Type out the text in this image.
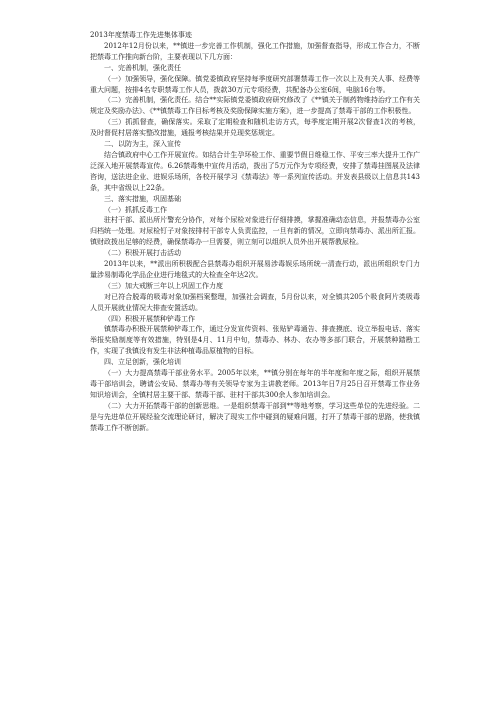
2013年度禁毒工作先进集体事迹

2012年12月份以来，**镇进一步完善工作机制，强化工作措施，加强督查指导，形成工作合力，不断把禁毒工作推向新台阶，主要表现以下几方面：

一、完善机制，强化责任

（一）加强领导，强化保障。镇党委镇政府坚持每季度研究部署禁毒工作一次以上及有关人事、经费等重大问题，按排4名专职禁毒工作人员，拨款30万元专项经费，共配备办公室6间，电脑16台等。

（二）完善机制，强化责任。结合**实际镇党委镇政府研究修改了《**镇关于制药物维持治疗工作有关规定及奖励办法》、《**镇禁毒工作目标考核及奖励保障实施方案》，进一步提高了禁毒干部的工作积极性。

（三）抓抓督查，确保落实。采取了定期检查和随机走访方式，每季度定期开展2次督查1次的考核，及时督促村居落实整改措施，通报考核结果并兑现奖惩规定。

二、以防为主，深入宣传

结合镇政府中心工作开展宣传。如结合计生孕环检工作、重要节假日维稳工作、平安三率大提升工作广泛深入地开展禁毒宣传。6.26禁毒集中宣传月活动，拨出了5万元作为专项经费，安排了禁毒挂图展及法律咨询，送法进企业、进娱乐场所，各校开展学习《禁毒法》等一系列宣传活动。并发表县级以上信息共143条，其中省级以上22条。

三、落实措施，巩固基础

（一）抓抓反毒工作

驻村干部、派出所片警充分协作，对每个尿检对象进行仔细排摸，掌握准确动态信息，并报禁毒办公室归档统一处理。对尿检钉子对象按排村干部专人负责监控，一旦有新的情况，立即向禁毒办、派出所汇报。镇财政拨出足够的经费，确保禁毒办一旦需要，则立刻可以组织人员外出开展帮教尿检。

（二）积极开展打击活动

2013年以来，**派出所积极配合县禁毒办组织开展易涉毒娱乐场所统一清查行动，派出所组织专门力量涉易制毒化学品企业进行地毯式的大检查全年达2次。

（三）加大戒断三年以上巩固工作力度

对已符合脱毒的吸毒对象加强档案整理，加强社会调查，5月份以来，对全镇共205个吸食阿片类吸毒人员开展就业情况大排查安置活动。

（四）积极开展禁种铲毒工作

镇禁毒办积极开展禁种铲毒工作，通过分发宣传资料、张贴铲毒通告、排查摸底、设立举报电话、落实举报奖励制度等有效措施，特别是4月、11月中旬，禁毒办、林办、农办等多部门联合，开展禁种踏勘工作，实现了我镇没有发生非法种植毒品原植物的目标。

四、立足创新，强化培训

（一）大力提高禁毒干部业务水平。2005年以来，**镇分别在每年的半年度和年度之际，组织开展禁毒干部培训会，聘请公安局、禁毒办等有关领导专家为主讲教老师。2013年日7月25日召开禁毒工作业务知识培训会，全镇村居主要干部、禁毒干部、驻村干部共300余人参加培训会。

（二）大力开拓禁毒干部的创新思维。一是组织禁毒干部到**等地考察，学习这些单位的先进经验。二是与先进单位开展经验交流理论研讨，解决了现实工作中碰到的疑难问题，打开了禁毒干部的思路，使我镇禁毒工作不断创新。
